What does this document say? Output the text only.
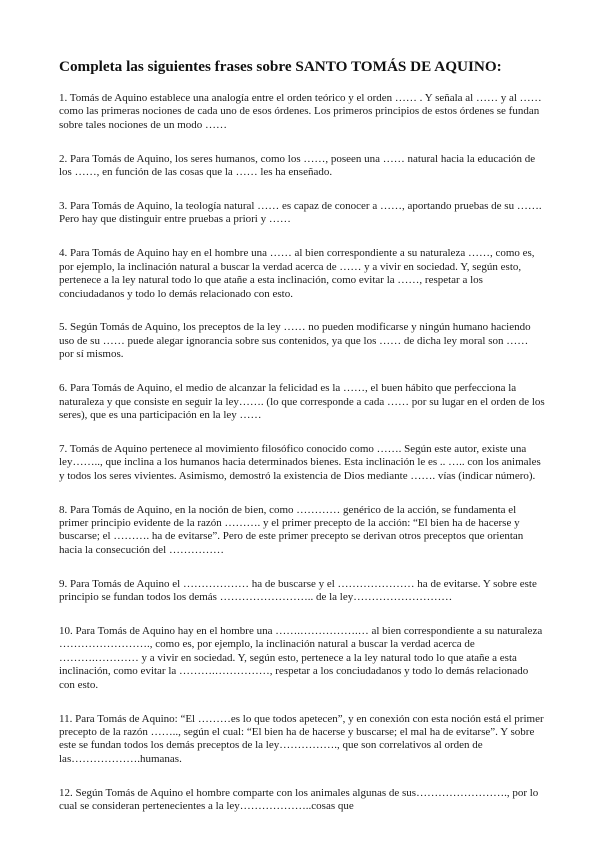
Completa las siguientes frases sobre SANTO TOMÁS DE AQUINO:

1. Tomás de Aquino establece una analogía entre el orden teórico y el orden …… . Y señala al …… y al …… como las primeras nociones de cada uno de esos órdenes. Los primeros principios de estos órdenes se fundan sobre tales nociones de un modo ……

2. Para Tomás de Aquino, los seres humanos, como los ……, poseen una …… natural hacia la educación de los ……, en función de las cosas que la …… les ha enseñado.

3. Para Tomás de Aquino, la teología natural …… es capaz de conocer a ……, aportando pruebas de su ……. Pero hay que distinguir entre pruebas a priori y ……

4. Para Tomás de Aquino hay en el hombre una …… al bien correspondiente a su naturaleza ……, como es, por ejemplo, la inclinación natural a buscar la verdad acerca de …… y a vivir en sociedad. Y, según esto, pertenece a la ley natural todo lo que atañe a esta inclinación, como evitar la ……, respetar a los conciudadanos y todo lo demás relacionado con esto.

5. Según Tomás de Aquino, los preceptos de la ley …… no pueden modificarse y ningún humano haciendo uso de su …… puede alegar ignorancia sobre sus contenidos, ya que los …… de dicha ley moral son …… por sí mismos.

6. Para Tomás de Aquino, el medio de alcanzar la felicidad es la ……, el buen hábito que perfecciona la naturaleza y que consiste en seguir la ley……. (lo que corresponde a cada …… por su lugar en el orden de los seres), que es una participación en la ley ……

7. Tomás de Aquino pertenece al movimiento filosófico conocido como ……. Según este autor, existe una ley…….., que inclina a los humanos hacia determinados bienes. Esta inclinación le es .. ….. con los animales y todos los seres vivientes. Asimismo, demostró la existencia de Dios mediante ……. vías (indicar número).

8. Para Tomás de Aquino, en la noción de bien, como ………… genérico de la acción, se fundamenta el primer principio evidente de la razón ………. y el primer precepto de la acción: “El bien ha de hacerse y buscarse; el ………. ha de evitarse”. Pero de este primer precepto se derivan otros preceptos que orientan hacia la consecución del ……………

9. Para Tomás de Aquino el ……………… ha de buscarse y el ………………… ha de evitarse. Y sobre este principio se fundan todos los demás …………………….. de la ley………………………

10. Para Tomás de Aquino hay en el hombre una …….…………….… al bien correspondiente a su naturaleza ……………………., como es, por ejemplo, la inclinación natural a buscar la verdad acerca de ……….………… y a vivir en sociedad. Y, según esto, pertenece a la ley natural todo lo que atañe a esta inclinación, como evitar la ……….……………, respetar a los conciudadanos y todo lo demás relacionado con esto.

11. Para Tomás de Aquino: “El ………es lo que todos apetecen”, y en conexión con esta noción está el primer precepto de la razón …….., según el cual: “El bien ha de hacerse y buscarse; el mal ha de evitarse”. Y sobre este se fundan todos los demás preceptos de la ley……………., que son correlativos al orden de las……………….humanas.

12. Según Tomás de Aquino el hombre comparte con los animales algunas de sus……………………., por lo cual se consideran pertenecientes a la ley………………..cosas que
